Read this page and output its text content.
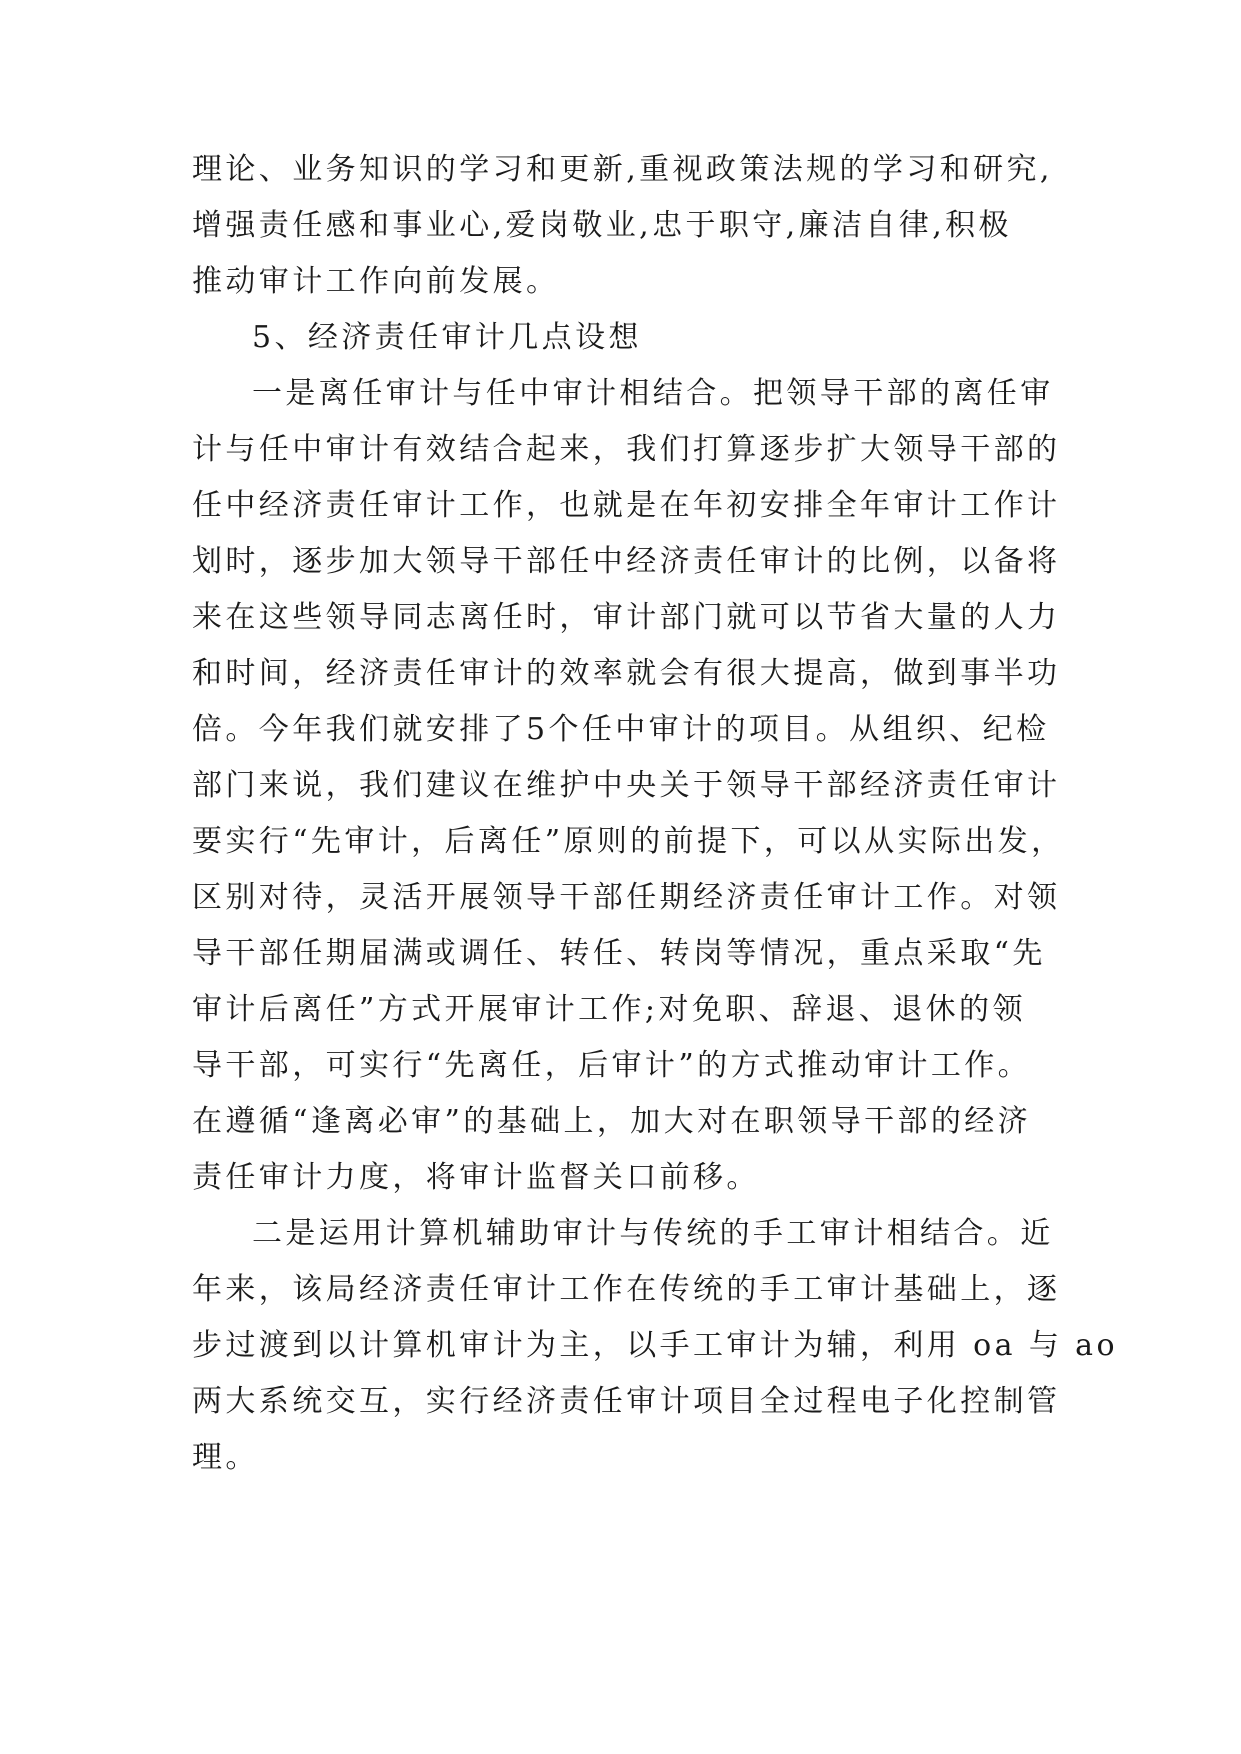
理论、业务知识的学习和更新,重视政策法规的学习和研究,
增强责任感和事业心,爱岗敬业,忠于职守,廉洁自律,积极
推动审计工作向前发展。
5、经济责任审计几点设想
一是离任审计与任中审计相结合。把领导干部的离任审
计与任中审计有效结合起来，我们打算逐步扩大领导干部的
任中经济责任审计工作，也就是在年初安排全年审计工作计
划时，逐步加大领导干部任中经济责任审计的比例，以备将
来在这些领导同志离任时，审计部门就可以节省大量的人力
和时间，经济责任审计的效率就会有很大提高，做到事半功
倍。今年我们就安排了5个任中审计的项目。从组织、纪检
部门来说，我们建议在维护中央关于领导干部经济责任审计
要实行“先审计，后离任”原则的前提下，可以从实际出发，
区别对待，灵活开展领导干部任期经济责任审计工作。对领
导干部任期届满或调任、转任、转岗等情况，重点采取“先
审计后离任”方式开展审计工作;对免职、辞退、退休的领
导干部，可实行“先离任，后审计”的方式推动审计工作。
在遵循“逢离必审”的基础上，加大对在职领导干部的经济
责任审计力度，将审计监督关口前移。
二是运用计算机辅助审计与传统的手工审计相结合。近
年来，该局经济责任审计工作在传统的手工审计基础上，逐
步过渡到以计算机审计为主，以手工审计为辅，利用 oa 与 ao
两大系统交互，实行经济责任审计项目全过程电子化控制管
理。
